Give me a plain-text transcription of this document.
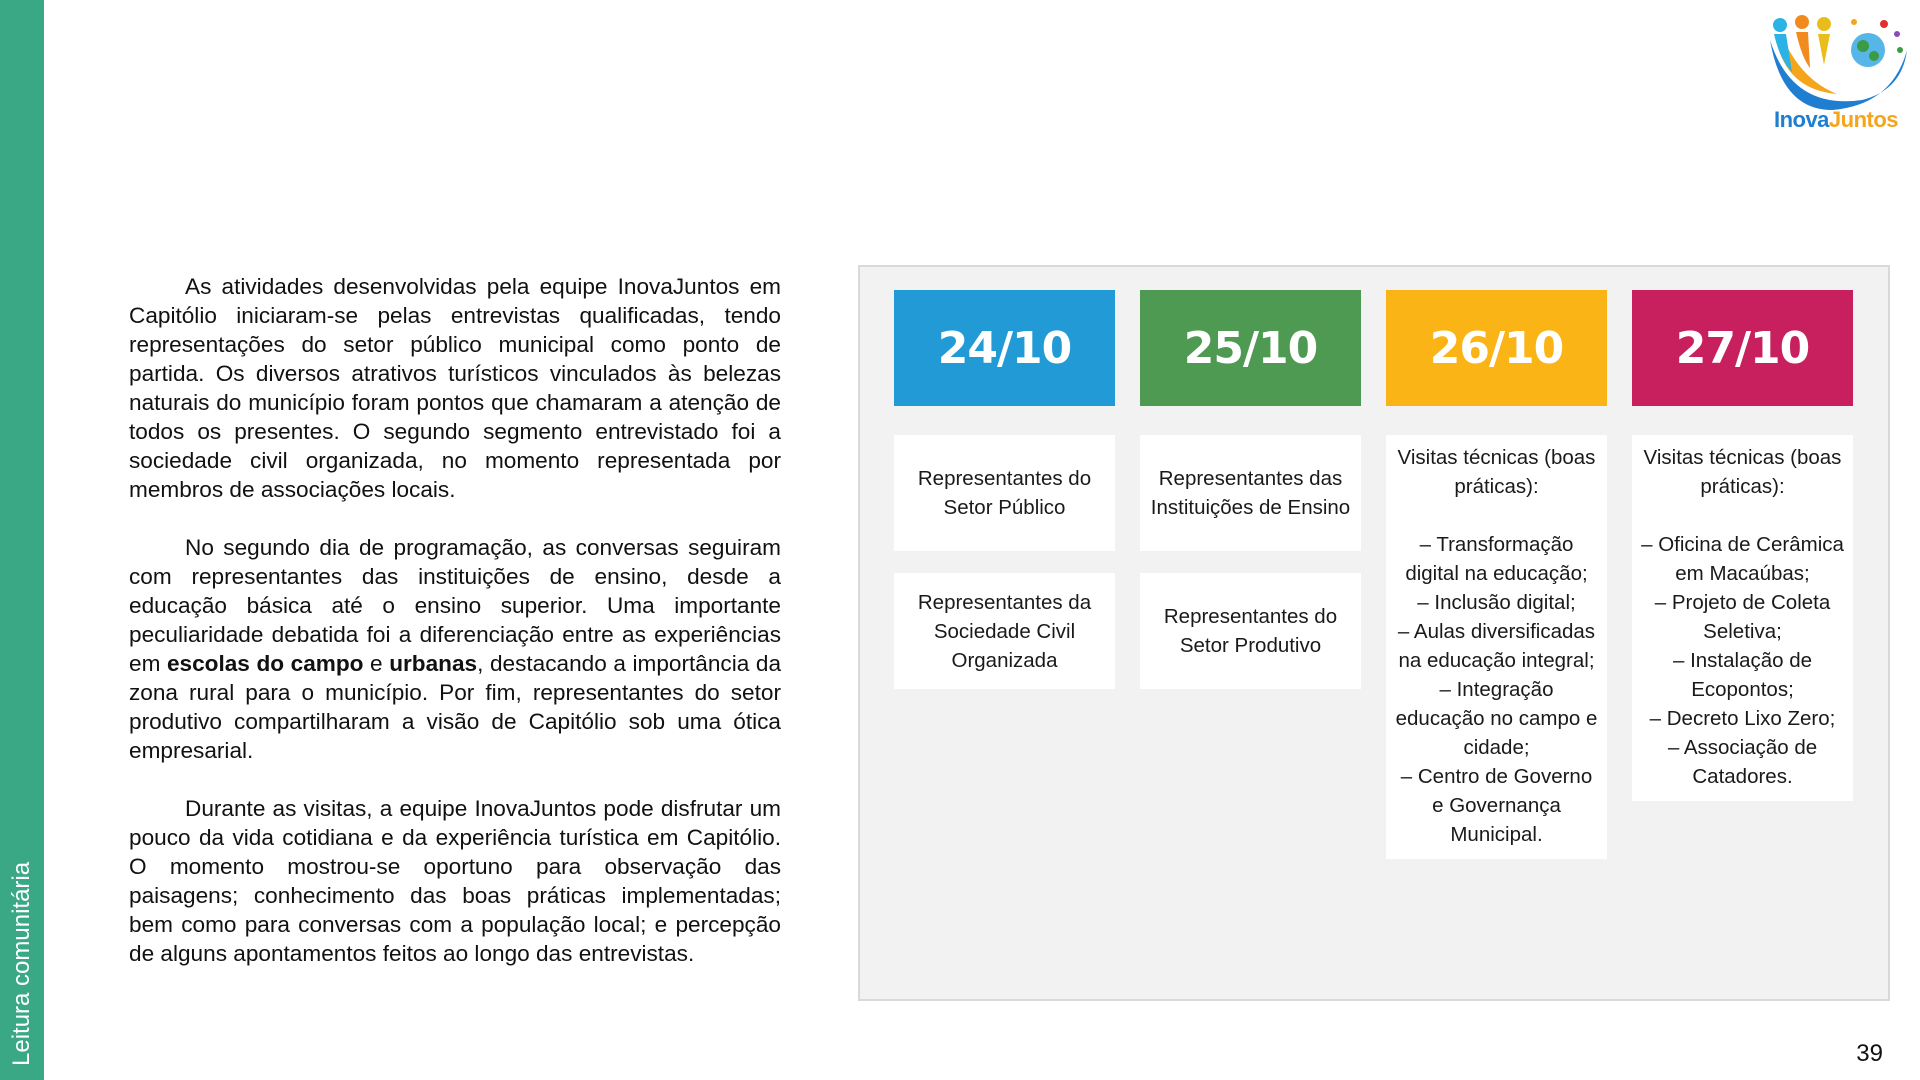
Leitura comunitária
InovaJuntos

As atividades desenvolvidas pela equipe InovaJuntos em Capitólio iniciaram-se pelas entrevistas qualificadas, tendo representações do setor público municipal como ponto de partida. Os diversos atrativos turísticos vinculados às belezas naturais do município foram pontos que chamaram a atenção de todos os presentes. O segundo segmento entrevistado foi a sociedade civil organizada, no momento representada por membros de associações locais.

No segundo dia de programação, as conversas seguiram com representantes das instituições de ensino, desde a educação básica até o ensino superior. Uma importante peculiaridade debatida foi a diferenciação entre as experiências em escolas do campo e urbanas, destacando a importância da zona rural para o município. Por fim, representantes do setor produtivo compartilharam a visão de Capitólio sob uma ótica empresarial.

Durante as visitas, a equipe InovaJuntos pode disfrutar um pouco da vida cotidiana e da experiência turística em Capitólio. O momento mostrou-se oportuno para observação das paisagens; conhecimento das boas práticas implementadas; bem como para conversas com a população local; e percepção de alguns apontamentos feitos ao longo das entrevistas.

24/10
Representantes do Setor Público
Representantes da Sociedade Civil Organizada
25/10
Representantes das Instituições de Ensino
Representantes do Setor Produtivo
26/10
Visitas técnicas (boas práticas):
– Transformação digital na educação;
– Inclusão digital;
– Aulas diversificadas na educação integral;
– Integração educação no campo e cidade;
– Centro de Governo e Governança Municipal.
27/10
Visitas técnicas (boas práticas):
– Oficina de Cerâmica em Macaúbas;
– Projeto de Coleta Seletiva;
– Instalação de Ecopontos;
– Decreto Lixo Zero;
– Associação de Catadores.
39
